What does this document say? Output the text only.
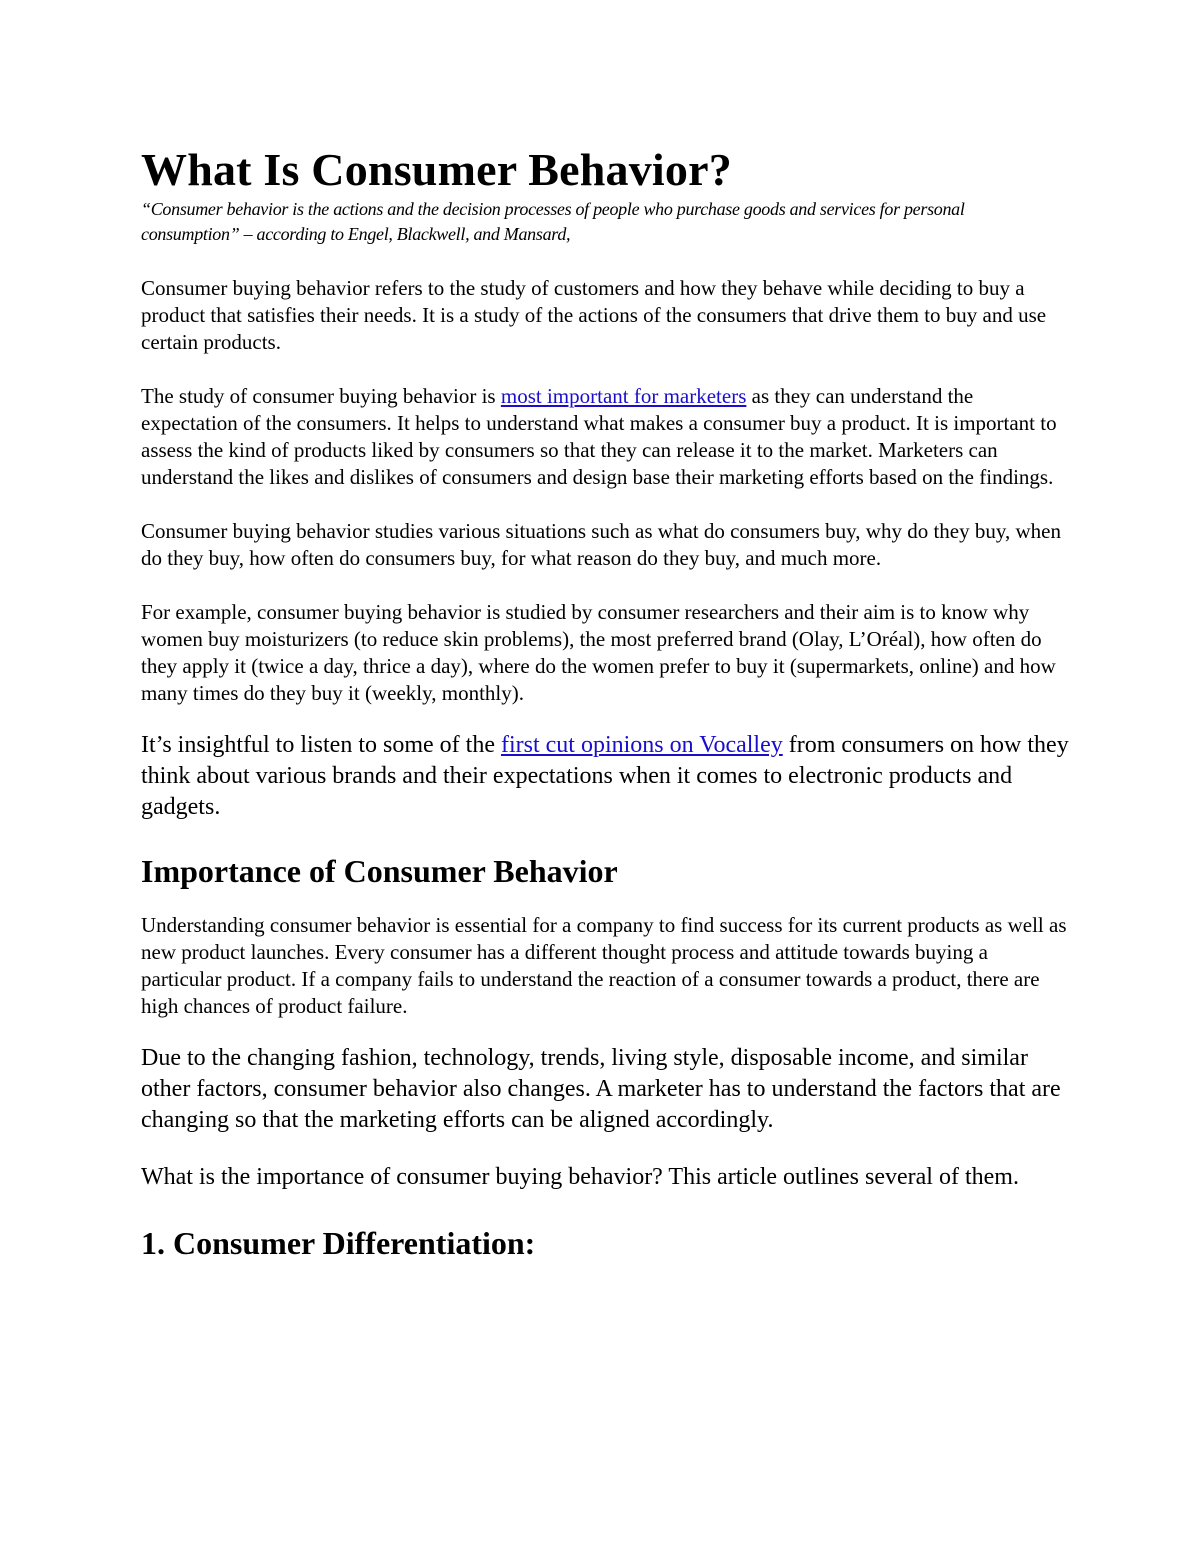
What Is Consumer Behavior?

“Consumer behavior is the actions and the decision processes of people who purchase goods and services for personal consumption” – according to Engel, Blackwell, and Mansard,

Consumer buying behavior refers to the study of customers and how they behave while deciding to buy a product that satisfies their needs. It is a study of the actions of the consumers that drive them to buy and use certain products.

The study of consumer buying behavior is most important for marketers as they can understand the expectation of the consumers. It helps to understand what makes a consumer buy a product. It is important to assess the kind of products liked by consumers so that they can release it to the market. Marketers can understand the likes and dislikes of consumers and design base their marketing efforts based on the findings.

Consumer buying behavior studies various situations such as what do consumers buy, why do they buy, when do they buy, how often do consumers buy, for what reason do they buy, and much more.

For example, consumer buying behavior is studied by consumer researchers and their aim is to know why women buy moisturizers (to reduce skin problems), the most preferred brand (Olay, L’Oréal), how often do they apply it (twice a day, thrice a day), where do the women prefer to buy it (supermarkets, online) and how many times do they buy it (weekly, monthly).

It’s insightful to listen to some of the first cut opinions on Vocalley from consumers on how they think about various brands and their expectations when it comes to electronic products and gadgets.

Importance of Consumer Behavior

Understanding consumer behavior is essential for a company to find success for its current products as well as new product launches. Every consumer has a different thought process and attitude towards buying a particular product. If a company fails to understand the reaction of a consumer towards a product, there are high chances of product failure.

Due to the changing fashion, technology, trends, living style, disposable income, and similar other factors, consumer behavior also changes. A marketer has to understand the factors that are changing so that the marketing efforts can be aligned accordingly.

What is the importance of consumer buying behavior? This article outlines several of them.

1. Consumer Differentiation:
